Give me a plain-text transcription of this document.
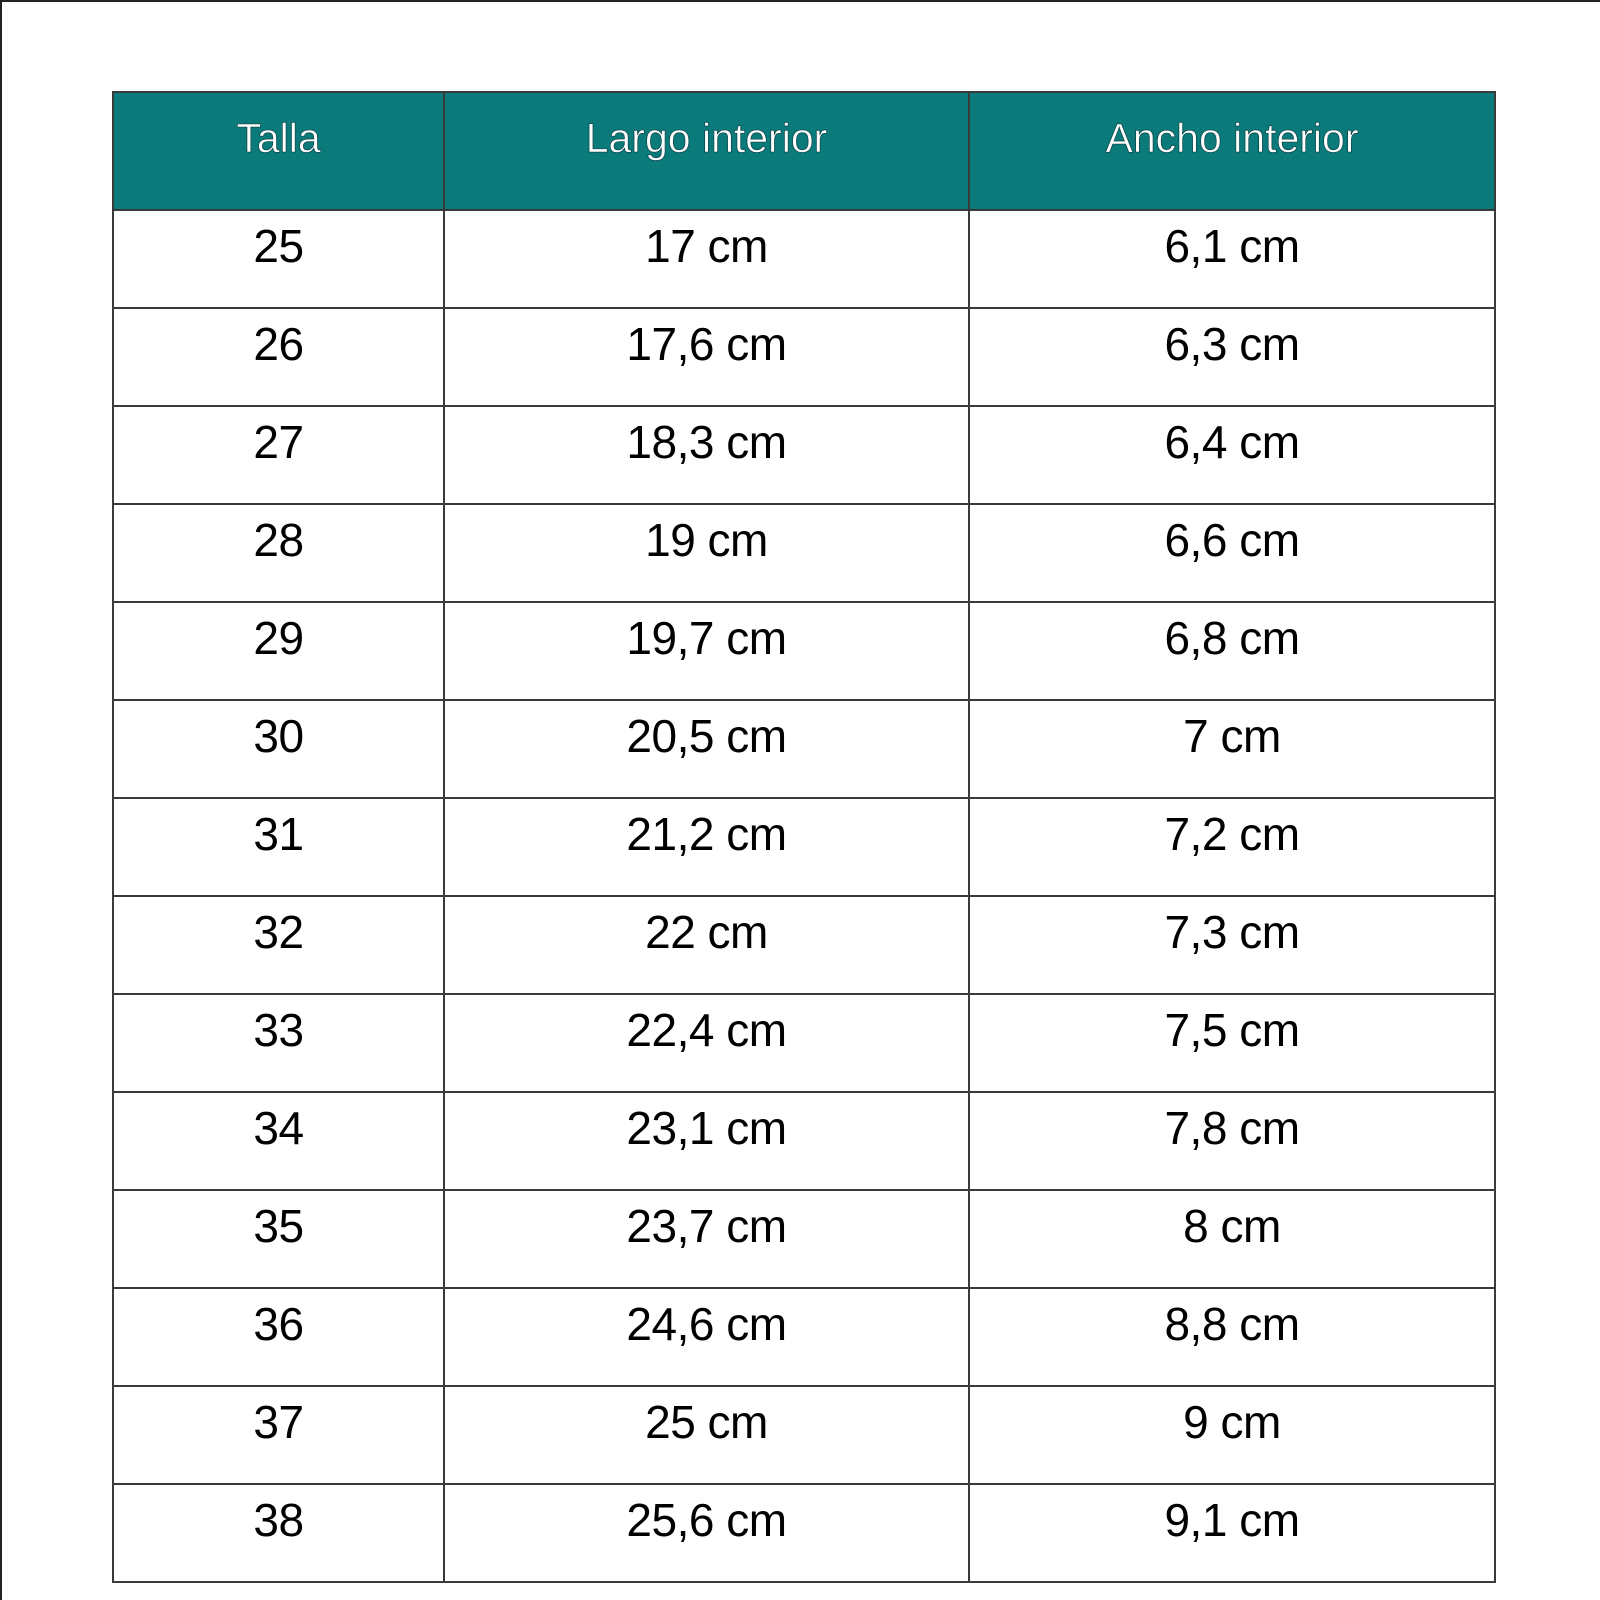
Talla	Largo interior	Ancho interior
25	17 cm	6,1 cm
26	17,6 cm	6,3 cm
27	18,3 cm	6,4 cm
28	19 cm	6,6 cm
29	19,7 cm	6,8 cm
30	20,5 cm	7 cm
31	21,2 cm	7,2 cm
32	22 cm	7,3 cm
33	22,4 cm	7,5 cm
34	23,1 cm	7,8 cm
35	23,7 cm	8 cm
36	24,6 cm	8,8 cm
37	25 cm	9 cm
38	25,6 cm	9,1 cm
